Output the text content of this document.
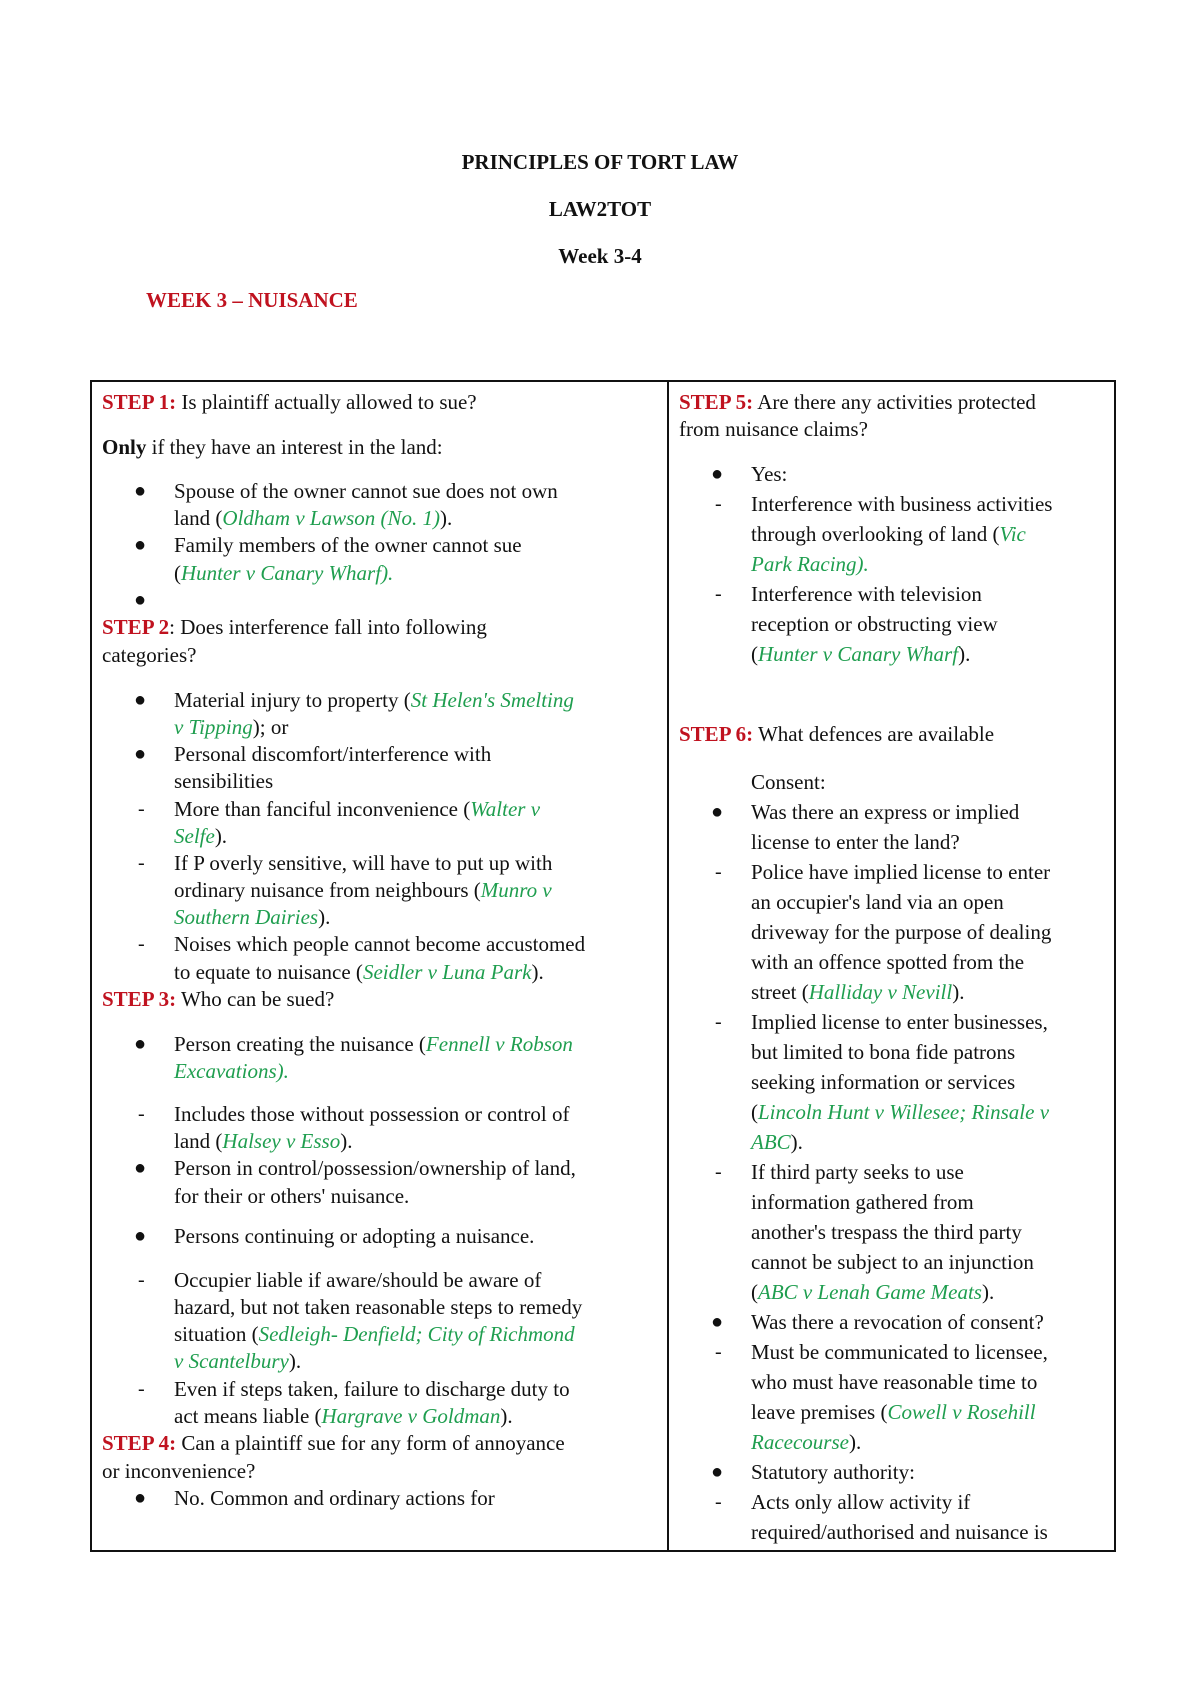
PRINCIPLES OF TORT LAW
LAW2TOT
Week 3-4
WEEK 3 – NUISANCE
STEP 1: Is plaintiff actually allowed to sue?
Only if they have an interest in the land:
● Spouse of the owner cannot sue does not own
land (Oldham v Lawson (No. 1)).
● Family members of the owner cannot sue
(Hunter v Canary Wharf).
●
STEP 2: Does interference fall into following
categories?
● Material injury to property (St Helen's Smelting
v Tipping); or
● Personal discomfort/interference with
sensibilities
- More than fanciful inconvenience (Walter v
Selfe).
- If P overly sensitive, will have to put up with
ordinary nuisance from neighbours (Munro v
Southern Dairies).
- Noises which people cannot become accustomed
to equate to nuisance (Seidler v Luna Park).
STEP 3: Who can be sued?
● Person creating the nuisance (Fennell v Robson
Excavations).
- Includes those without possession or control of
land (Halsey v Esso).
● Person in control/possession/ownership of land,
for their or others' nuisance.
● Persons continuing or adopting a nuisance.
- Occupier liable if aware/should be aware of
hazard, but not taken reasonable steps to remedy
situation (Sedleigh- Denfield; City of Richmond
v Scantelbury).
- Even if steps taken, failure to discharge duty to
act means liable (Hargrave v Goldman).
STEP 4: Can a plaintiff sue for any form of annoyance
or inconvenience?
● No. Common and ordinary actions for
STEP 5: Are there any activities protected
from nuisance claims?
● Yes:
- Interference with business activities
through overlooking of land (Vic
Park Racing).
- Interference with television
reception or obstructing view
(Hunter v Canary Wharf).
STEP 6: What defences are available
Consent:
● Was there an express or implied
license to enter the land?
- Police have implied license to enter
an occupier's land via an open
driveway for the purpose of dealing
with an offence spotted from the
street (Halliday v Nevill).
- Implied license to enter businesses,
but limited to bona fide patrons
seeking information or services
(Lincoln Hunt v Willesee; Rinsale v
ABC).
- If third party seeks to use
information gathered from
another's trespass the third party
cannot be subject to an injunction
(ABC v Lenah Game Meats).
● Was there a revocation of consent?
- Must be communicated to licensee,
who must have reasonable time to
leave premises (Cowell v Rosehill
Racecourse).
● Statutory authority:
- Acts only allow activity if
required/authorised and nuisance is
